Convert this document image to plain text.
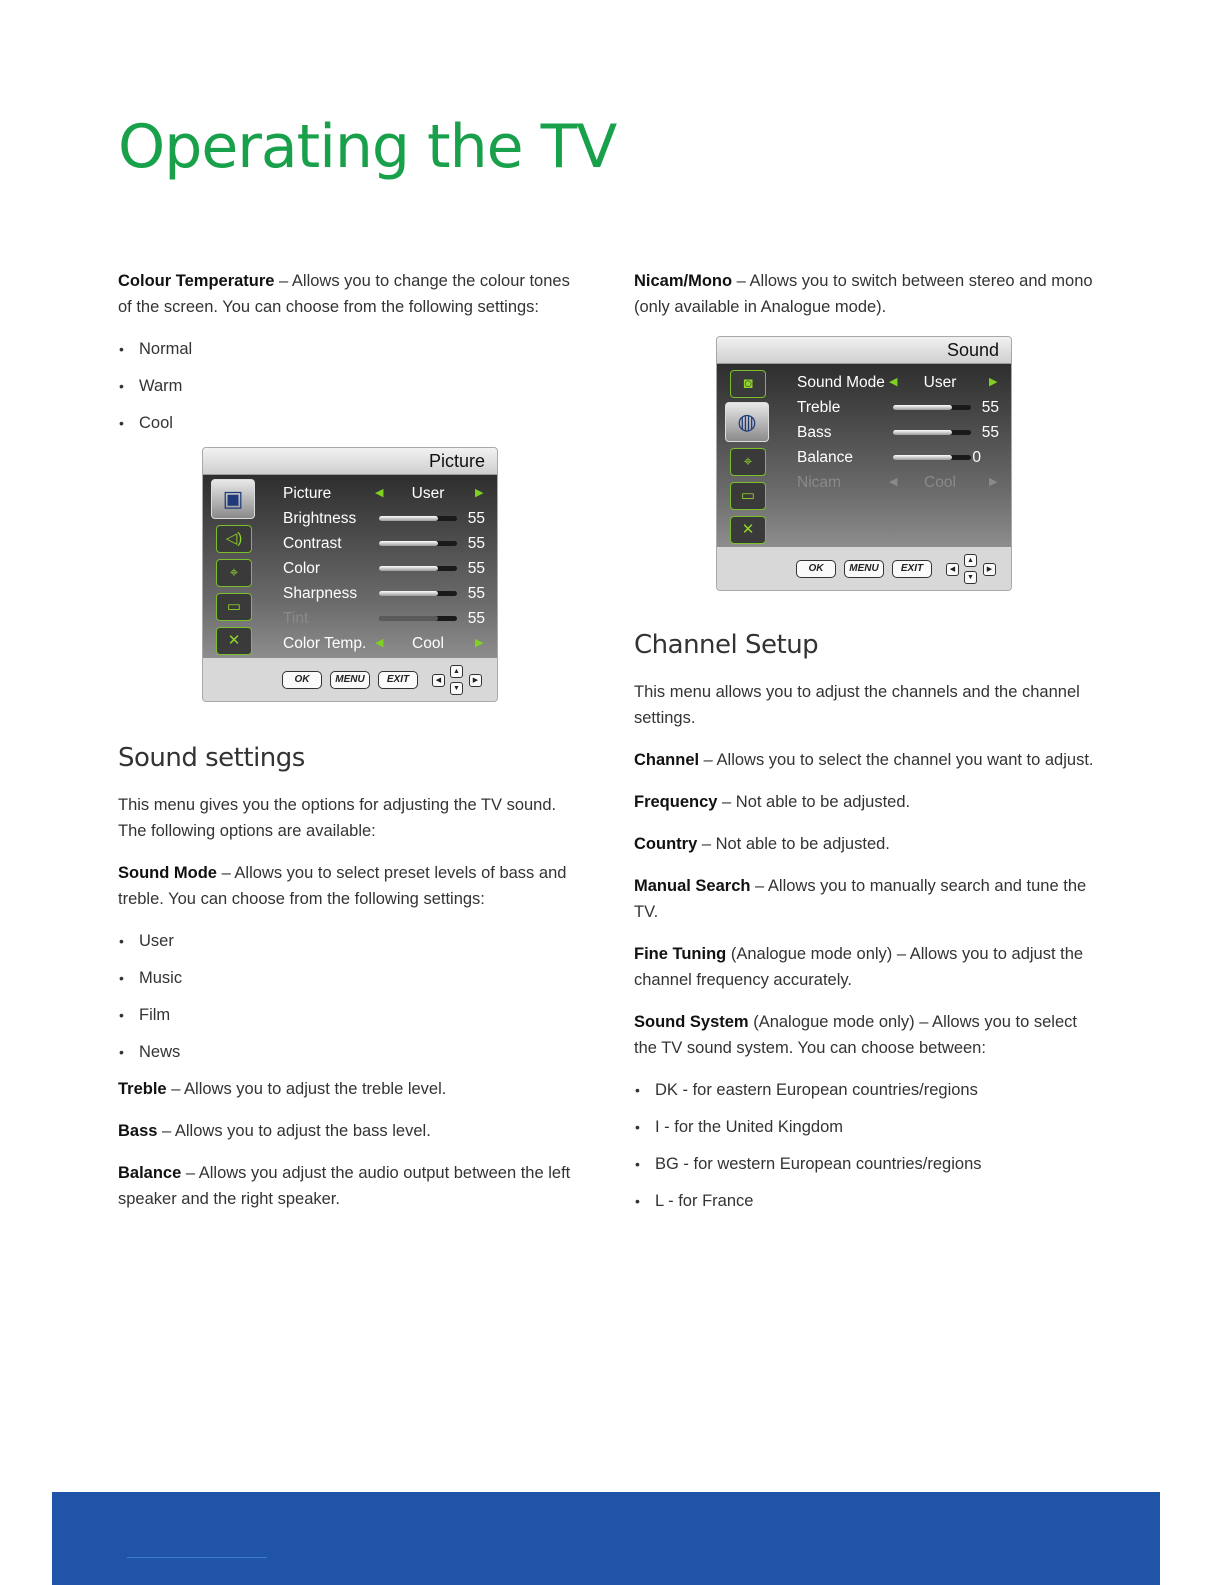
Operating the TV

Colour Temperature – Allows you to change the colour tones of the screen. You can choose from the following settings:

• Normal
• Warm
• Cool
Picture
▣
◁)
⌖
▭
✕
Picture	◀	User	▶
Brightness	55
Contrast	55
Color	55
Sharpness	55
Tint	55
Color Temp. ◀	Cool	▶
OK	MENU	EXIT	◀
▲
▼
▶
Sound settings

This menu gives you the options for adjusting the TV sound. The following options are available:

Sound Mode – Allows you to select preset levels of bass and treble. You can choose from the following settings:

• User
• Music
• Film
• News

Treble – Allows you to adjust the treble level.

Bass – Allows you to adjust the bass level.

Balance – Allows you adjust the audio output between the left speaker and the right speaker.

Nicam/Mono – Allows you to switch between stereo and mono (only available in Analogue mode).

Sound
◙
◍
⌖
▭
✕
Sound Mode ◀	User	▶
Treble	55
Bass	55
Balance	0
Nicam	◀	Cool	▶
OK	MENU	EXIT	◀
▲
▼
▶
Channel Setup

This menu allows you to adjust the channels and the channel settings.

Channel – Allows you to select the channel you want to adjust.

Frequency – Not able to be adjusted.

Country – Not able to be adjusted.

Manual Search – Allows you to manually search and tune the TV.

Fine Tuning (Analogue mode only) – Allows you to adjust the channel frequency accurately.

Sound System (Analogue mode only) – Allows you to select the TV sound system. You can choose between:

• DK - for eastern European countries/regions
• I - for the United Kingdom
• BG - for western European countries/regions
• L - for France
